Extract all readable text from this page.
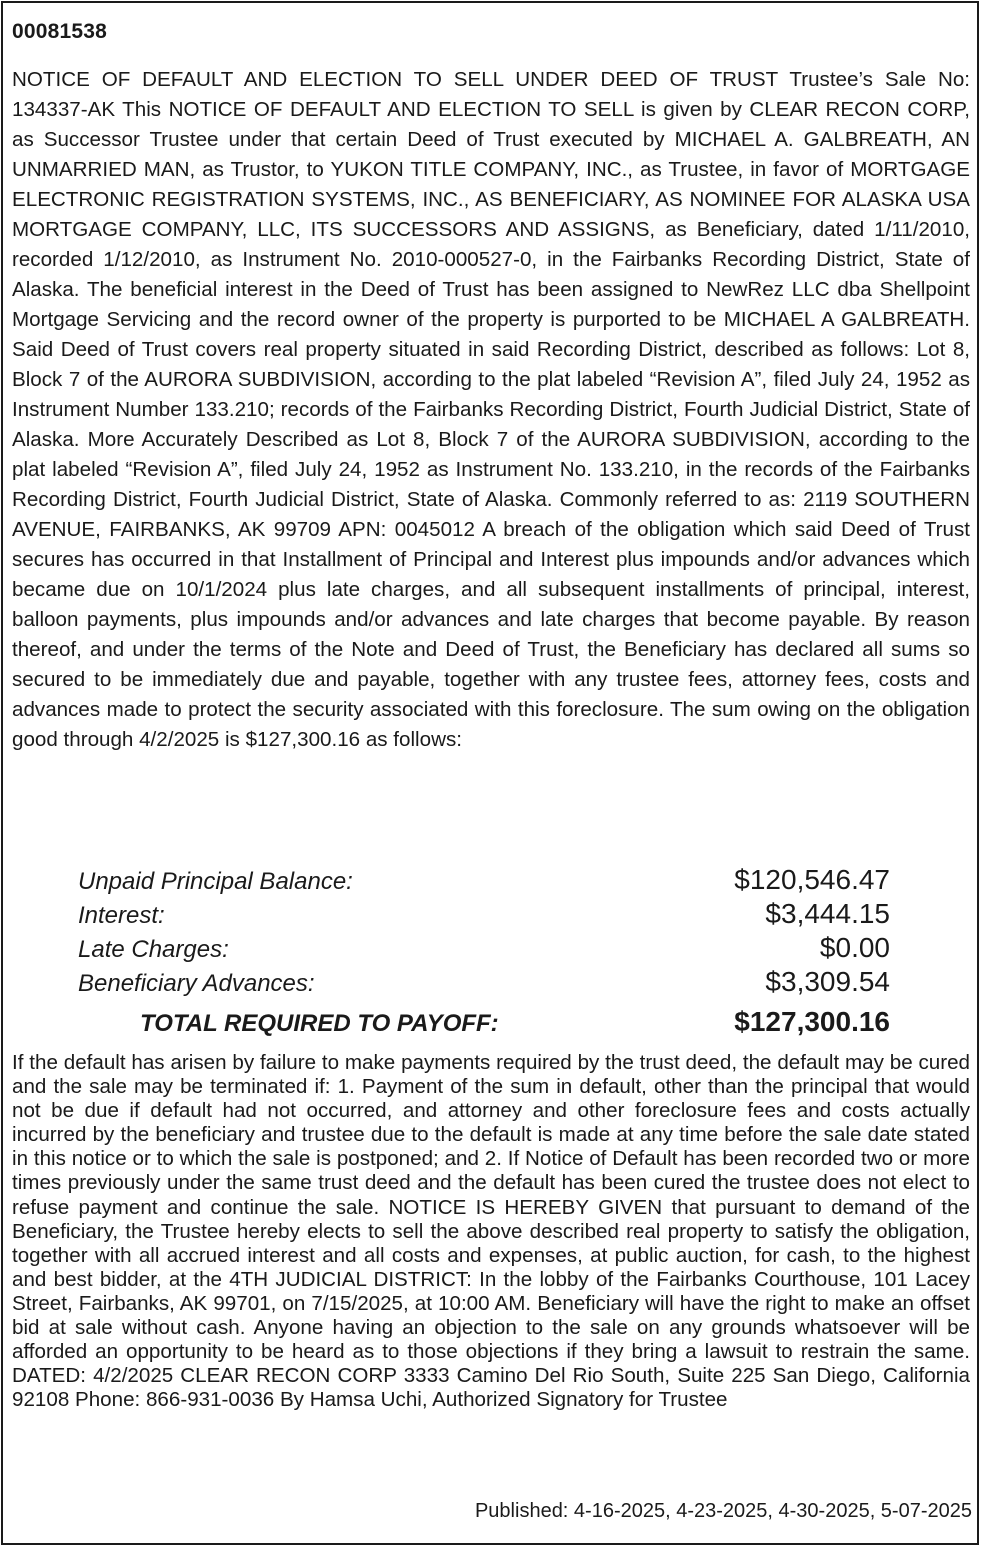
00081538

NOTICE OF DEFAULT AND ELECTION TO SELL UNDER DEED OF TRUST Trustee’s Sale No: 134337-AK This NOTICE OF DEFAULT AND ELECTION TO SELL is given by CLEAR RECON CORP, as Successor Trustee under that certain Deed of Trust executed by MICHAEL A. GALBREATH, AN UNMARRIED MAN, as Trustor, to YUKON TITLE COMPANY, INC., as Trustee, in favor of MORTGAGE ELECTRONIC REGISTRATION SYSTEMS, INC., AS BENEFICIARY, AS NOMINEE FOR ALASKA USA MORTGAGE COMPANY, LLC, ITS SUCCESSORS AND ASSIGNS, as Beneficiary, dated 1/11/2010, recorded 1/12/2010, as Instrument No. 2010-000527-0, in the Fairbanks Recording District, State of Alaska. The beneficial interest in the Deed of Trust has been assigned to NewRez LLC dba Shellpoint Mortgage Servicing and the record owner of the property is purported to be MICHAEL A GALBREATH. Said Deed of Trust covers real property situated in said Recording District, described as follows: Lot 8, Block 7 of the AURORA SUBDIVISION, according to the plat labeled “Revision A”, filed July 24, 1952 as Instrument Number 133.210; records of the Fairbanks Recording District, Fourth Judicial District, State of Alaska. More Accurately Described as Lot 8, Block 7 of the AURORA SUBDIVISION, according to the plat labeled “Revision A”, filed July 24, 1952 as Instrument No. 133.210, in the records of the Fairbanks Recording District, Fourth Judicial District, State of Alaska. Commonly referred to as: 2119 SOUTHERN AVENUE, FAIRBANKS, AK 99709 APN: 0045012 A breach of the obligation which said Deed of Trust secures has occurred in that Installment of Principal and Interest plus impounds and/or advances which became due on 10/1/2024 plus late charges, and all subsequent installments of principal, interest, balloon payments, plus impounds and/or advances and late charges that become payable. By reason thereof, and under the terms of the Note and Deed of Trust, the Beneficiary has declared all sums so secured to be immediately due and payable, together with any trustee fees, attorney fees, costs and advances made to protect the security associated with this foreclosure. The sum owing on the obligation good through 4/2/2025 is $127,300.16 as follows:

Unpaid Principal Balance:	$120,546.47
Interest:	$3,444.15
Late Charges:	$0.00
Beneficiary Advances:	$3,309.54
TOTAL REQUIRED TO PAYOFF:	$127,300.16

If the default has arisen by failure to make payments required by the trust deed, the default may be cured and the sale may be terminated if: 1. Payment of the sum in default, other than the principal that would not be due if default had not occurred, and attorney and other foreclosure fees and costs actually incurred by the beneficiary and trustee due to the default is made at any time before the sale date stated in this notice or to which the sale is postponed; and 2. If Notice of Default has been recorded two or more times previously under the same trust deed and the default has been cured the trustee does not elect to refuse payment and continue the sale. NOTICE IS HEREBY GIVEN that pursuant to demand of the Beneficiary, the Trustee hereby elects to sell the above described real property to satisfy the obligation, together with all accrued interest and all costs and expenses, at public auction, for cash, to the highest and best bidder, at the 4TH JUDICIAL DISTRICT: In the lobby of the Fairbanks Courthouse, 101 Lacey Street, Fairbanks, AK 99701, on 7/15/2025, at 10:00 AM. Beneficiary will have the right to make an offset bid at sale without cash. Anyone having an objection to the sale on any grounds whatsoever will be afforded an opportunity to be heard as to those objections if they bring a lawsuit to restrain the same. DATED: 4/2/2025 CLEAR RECON CORP 3333 Camino Del Rio South, Suite 225 San Diego, California 92108 Phone: 866-931-0036 By Hamsa Uchi, Authorized Signatory for Trustee

Published: 4-16-2025, 4-23-2025, 4-30-2025, 5-07-2025
